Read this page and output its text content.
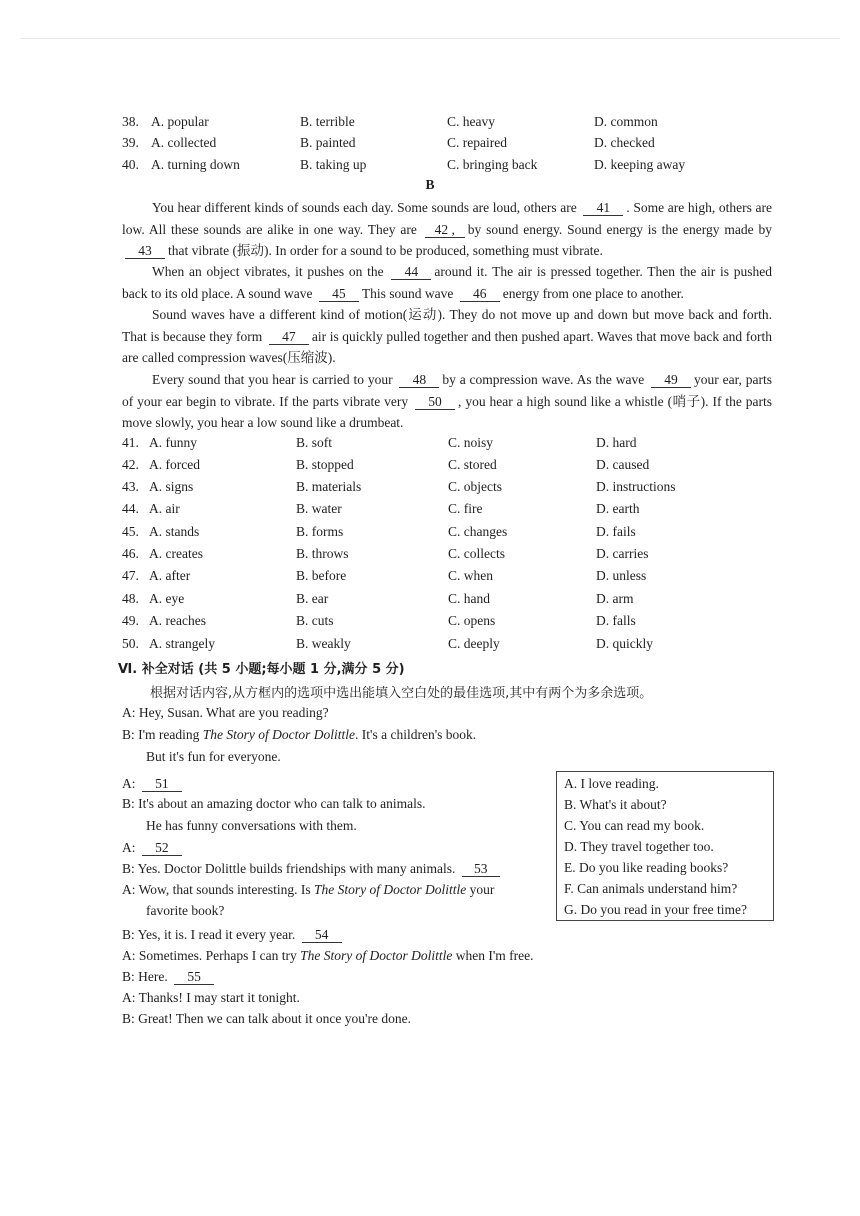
38. A. popular	B. terrible	C. heavy	D. common
39. A. collected	B. painted	C. repaired	D. checked
40. A. turning down	B. taking up	C. bringing back	D. keeping away
B
You hear different kinds of sounds each day. Some sounds are loud, others are 41 . Some are high, others are low. All these sounds are alike in one way. They are 42 , by sound energy. Sound energy is the energy made by 43 that vibrate (振动). In order for a sound to be produced, something must vibrate.
When an object vibrates, it pushes on the 44 around it. The air is pressed together. Then the air is pushed back to its old place. A sound wave 45 This sound wave 46 energy from one place to another.
Sound waves have a different kind of motion(运动). They do not move up and down but move back and forth. That is because they form 47 air is quickly pulled together and then pushed apart. Waves that move back and forth are called compression waves(压缩波).
Every sound that you hear is carried to your 48 by a compression wave. As the wave 49 your ear, parts of your ear begin to vibrate. If the parts vibrate very 50 , you hear a high sound like a whistle (哨子). If the parts move slowly, you hear a low sound like a drumbeat.
41. A. funny	B. soft	C. noisy	D. hard
42. A. forced	B. stopped	C. stored	D. caused
43. A. signs	B. materials	C. objects	D. instructions
44. A. air	B. water	C. fire	D. earth
45. A. stands	B. forms	C. changes	D. fails
46. A. creates	B. throws	C. collects	D. carries
47. A. after	B. before	C. when	D. unless
48. A. eye	B. ear	C. hand	D. arm
49. A. reaches	B. cuts	C. opens	D. falls
50. A. strangely	B. weakly	C. deeply	D. quickly
Ⅵ. 补全对话 (共 5 小题;每小题 1 分,满分 5 分)
根据对话内容,从方框内的选项中选出能填入空白处的最佳选项,其中有两个为多余选项。
A: Hey, Susan. What are you reading?
B: I'm reading The Story of Doctor Dolittle. It's a children's book.
But it's fun for everyone.
A: 51
B: It's about an amazing doctor who can talk to animals.
He has funny conversations with them.
A: 52
B: Yes. Doctor Dolittle builds friendships with many animals. 53
A: Wow, that sounds interesting. Is The Story of Doctor Dolittle your
favorite book?
B: Yes, it is. I read it every year. 54
A: Sometimes. Perhaps I can try The Story of Doctor Dolittle when I'm free.
B: Here. 55
A: Thanks! I may start it tonight.
B: Great! Then we can talk about it once you're done.
A. I love reading.
B. What's it about?
C. You can read my book.
D. They travel together too.
E. Do you like reading books?
F. Can animals understand him?
G. Do you read in your free time?
